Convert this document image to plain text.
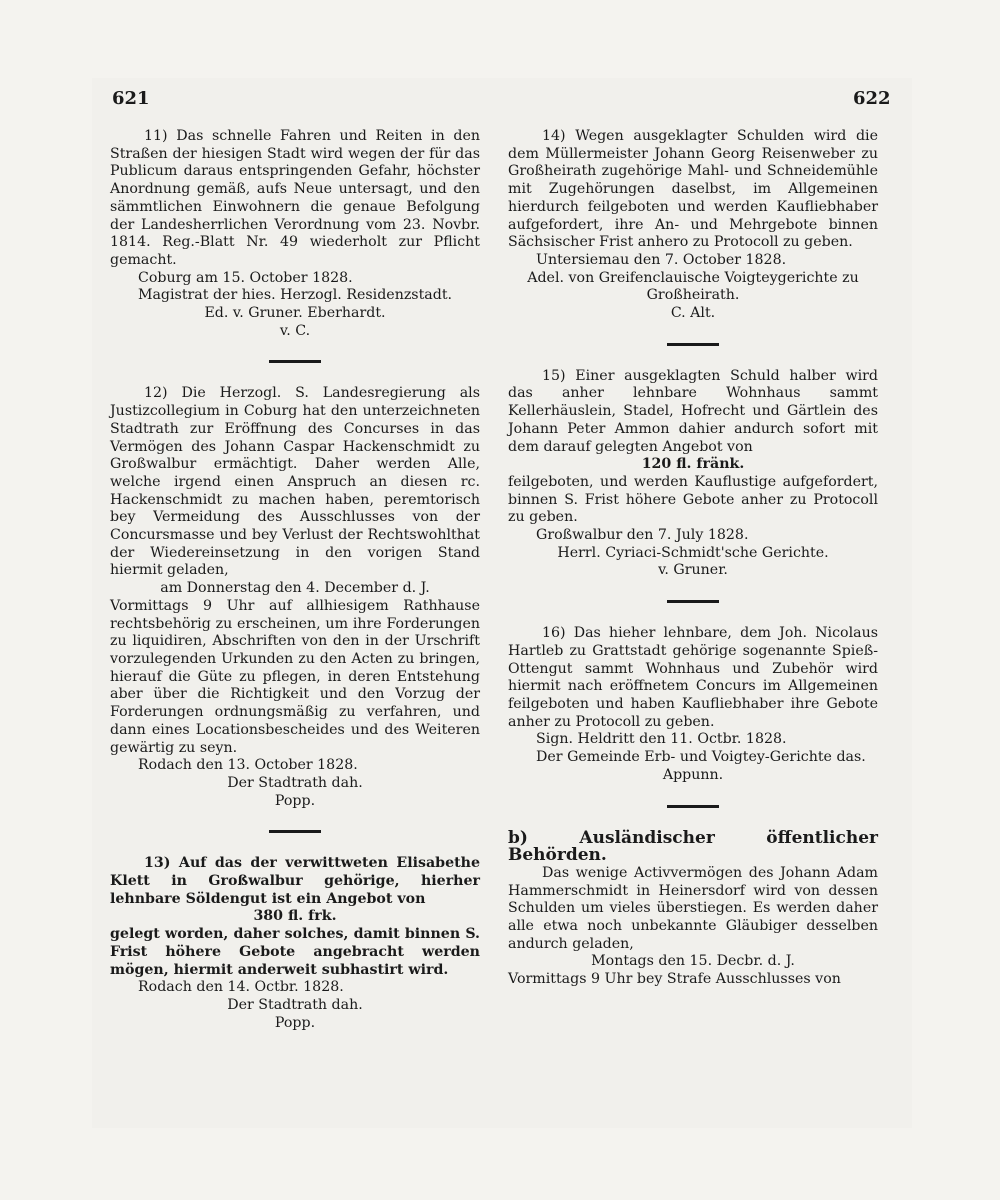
621	622

11) Das schnelle Fahren und Reiten in den Straßen der hiesigen Stadt wird wegen der für das Publicum daraus entspringenden Gefahr, höchster Anordnung gemäß, aufs Neue untersagt, und den sämmtlichen Einwohnern die genaue Befolgung der Landesherrlichen Verordnung vom 23. Novbr. 1814. Reg.-Blatt Nr. 49 wiederholt zur Pflicht gemacht.

Coburg am 15. October 1828.

Magistrat der hies. Herzogl. Residenzstadt.

Ed. v. Gruner. Eberhardt.

v. C.

12) Die Herzogl. S. Landesregierung als Justizcollegium in Coburg hat den unterzeichneten Stadtrath zur Eröffnung des Concurses in das Vermögen des Johann Caspar Hackenschmidt zu Großwalbur ermächtigt. Daher werden Alle, welche irgend einen Anspruch an diesen rc. Hackenschmidt zu machen haben, peremtorisch bey Vermeidung des Ausschlusses von der Concursmasse und bey Verlust der Rechtswohlthat der Wiedereinsetzung in den vorigen Stand hiermit geladen,

am Donnerstag den 4. December d. J.

Vormittags 9 Uhr auf allhiesigem Rathhause rechtsbehörig zu erscheinen, um ihre Forderungen zu liquidiren, Abschriften von den in der Urschrift vorzulegenden Urkunden zu den Acten zu bringen, hierauf die Güte zu pflegen, in deren Entstehung aber über die Richtigkeit und den Vorzug der Forderungen ordnungsmäßig zu verfahren, und dann eines Locationsbescheides und des Weiteren gewärtig zu seyn.

Rodach den 13. October 1828.

Der Stadtrath dah.

Popp.

13) Auf das der verwittweten Elisabethe Klett in Großwalbur gehörige, hierher lehnbare Söldengut ist ein Angebot von

380 fl. frk.

gelegt worden, daher solches, damit binnen S. Frist höhere Gebote angebracht werden mögen, hiermit anderweit subhastirt wird.

Rodach den 14. Octbr. 1828.

Der Stadtrath dah.

Popp.

14) Wegen ausgeklagter Schulden wird die dem Müllermeister Johann Georg Reisenweber zu Großheirath zugehörige Mahl- und Schneidemühle mit Zugehörungen daselbst, im Allgemeinen hierdurch feilgeboten und werden Kaufliebhaber aufgefordert, ihre An- und Mehrgebote binnen Sächsischer Frist anhero zu Protocoll zu geben.

Untersiemau den 7. October 1828.

Adel. von Greifenclauische Voigteygerichte zu Großheirath.

C. Alt.

15) Einer ausgeklagten Schuld halber wird das anher lehnbare Wohnhaus sammt Kellerhäuslein, Stadel, Hofrecht und Gärtlein des Johann Peter Ammon dahier andurch sofort mit dem darauf gelegten Angebot von

120 fl. fränk.

feilgeboten, und werden Kauflustige aufgefordert, binnen S. Frist höhere Gebote anher zu Protocoll zu geben.

Großwalbur den 7. July 1828.

Herrl. Cyriaci-Schmidt'sche Gerichte.

v. Gruner.

16) Das hieher lehnbare, dem Joh. Nicolaus Hartleb zu Grattstadt gehörige sogenannte Spieß-Ottengut sammt Wohnhaus und Zubehör wird hiermit nach eröffnetem Concurs im Allgemeinen feilgeboten und haben Kaufliebhaber ihre Gebote anher zu Protocoll zu geben.

Sign. Heldritt den 11. Octbr. 1828.

Der Gemeinde Erb- und Voigtey-Gerichte das.

Appunn.

b) Ausländischer öffentlicher Behörden.

Das wenige Activvermögen des Johann Adam Hammerschmidt in Heinersdorf wird von dessen Schulden um vieles überstiegen. Es werden daher alle etwa noch unbekannte Gläubiger desselben andurch geladen,

Montags den 15. Decbr. d. J.

Vormittags 9 Uhr bey Strafe Ausschlusses von
